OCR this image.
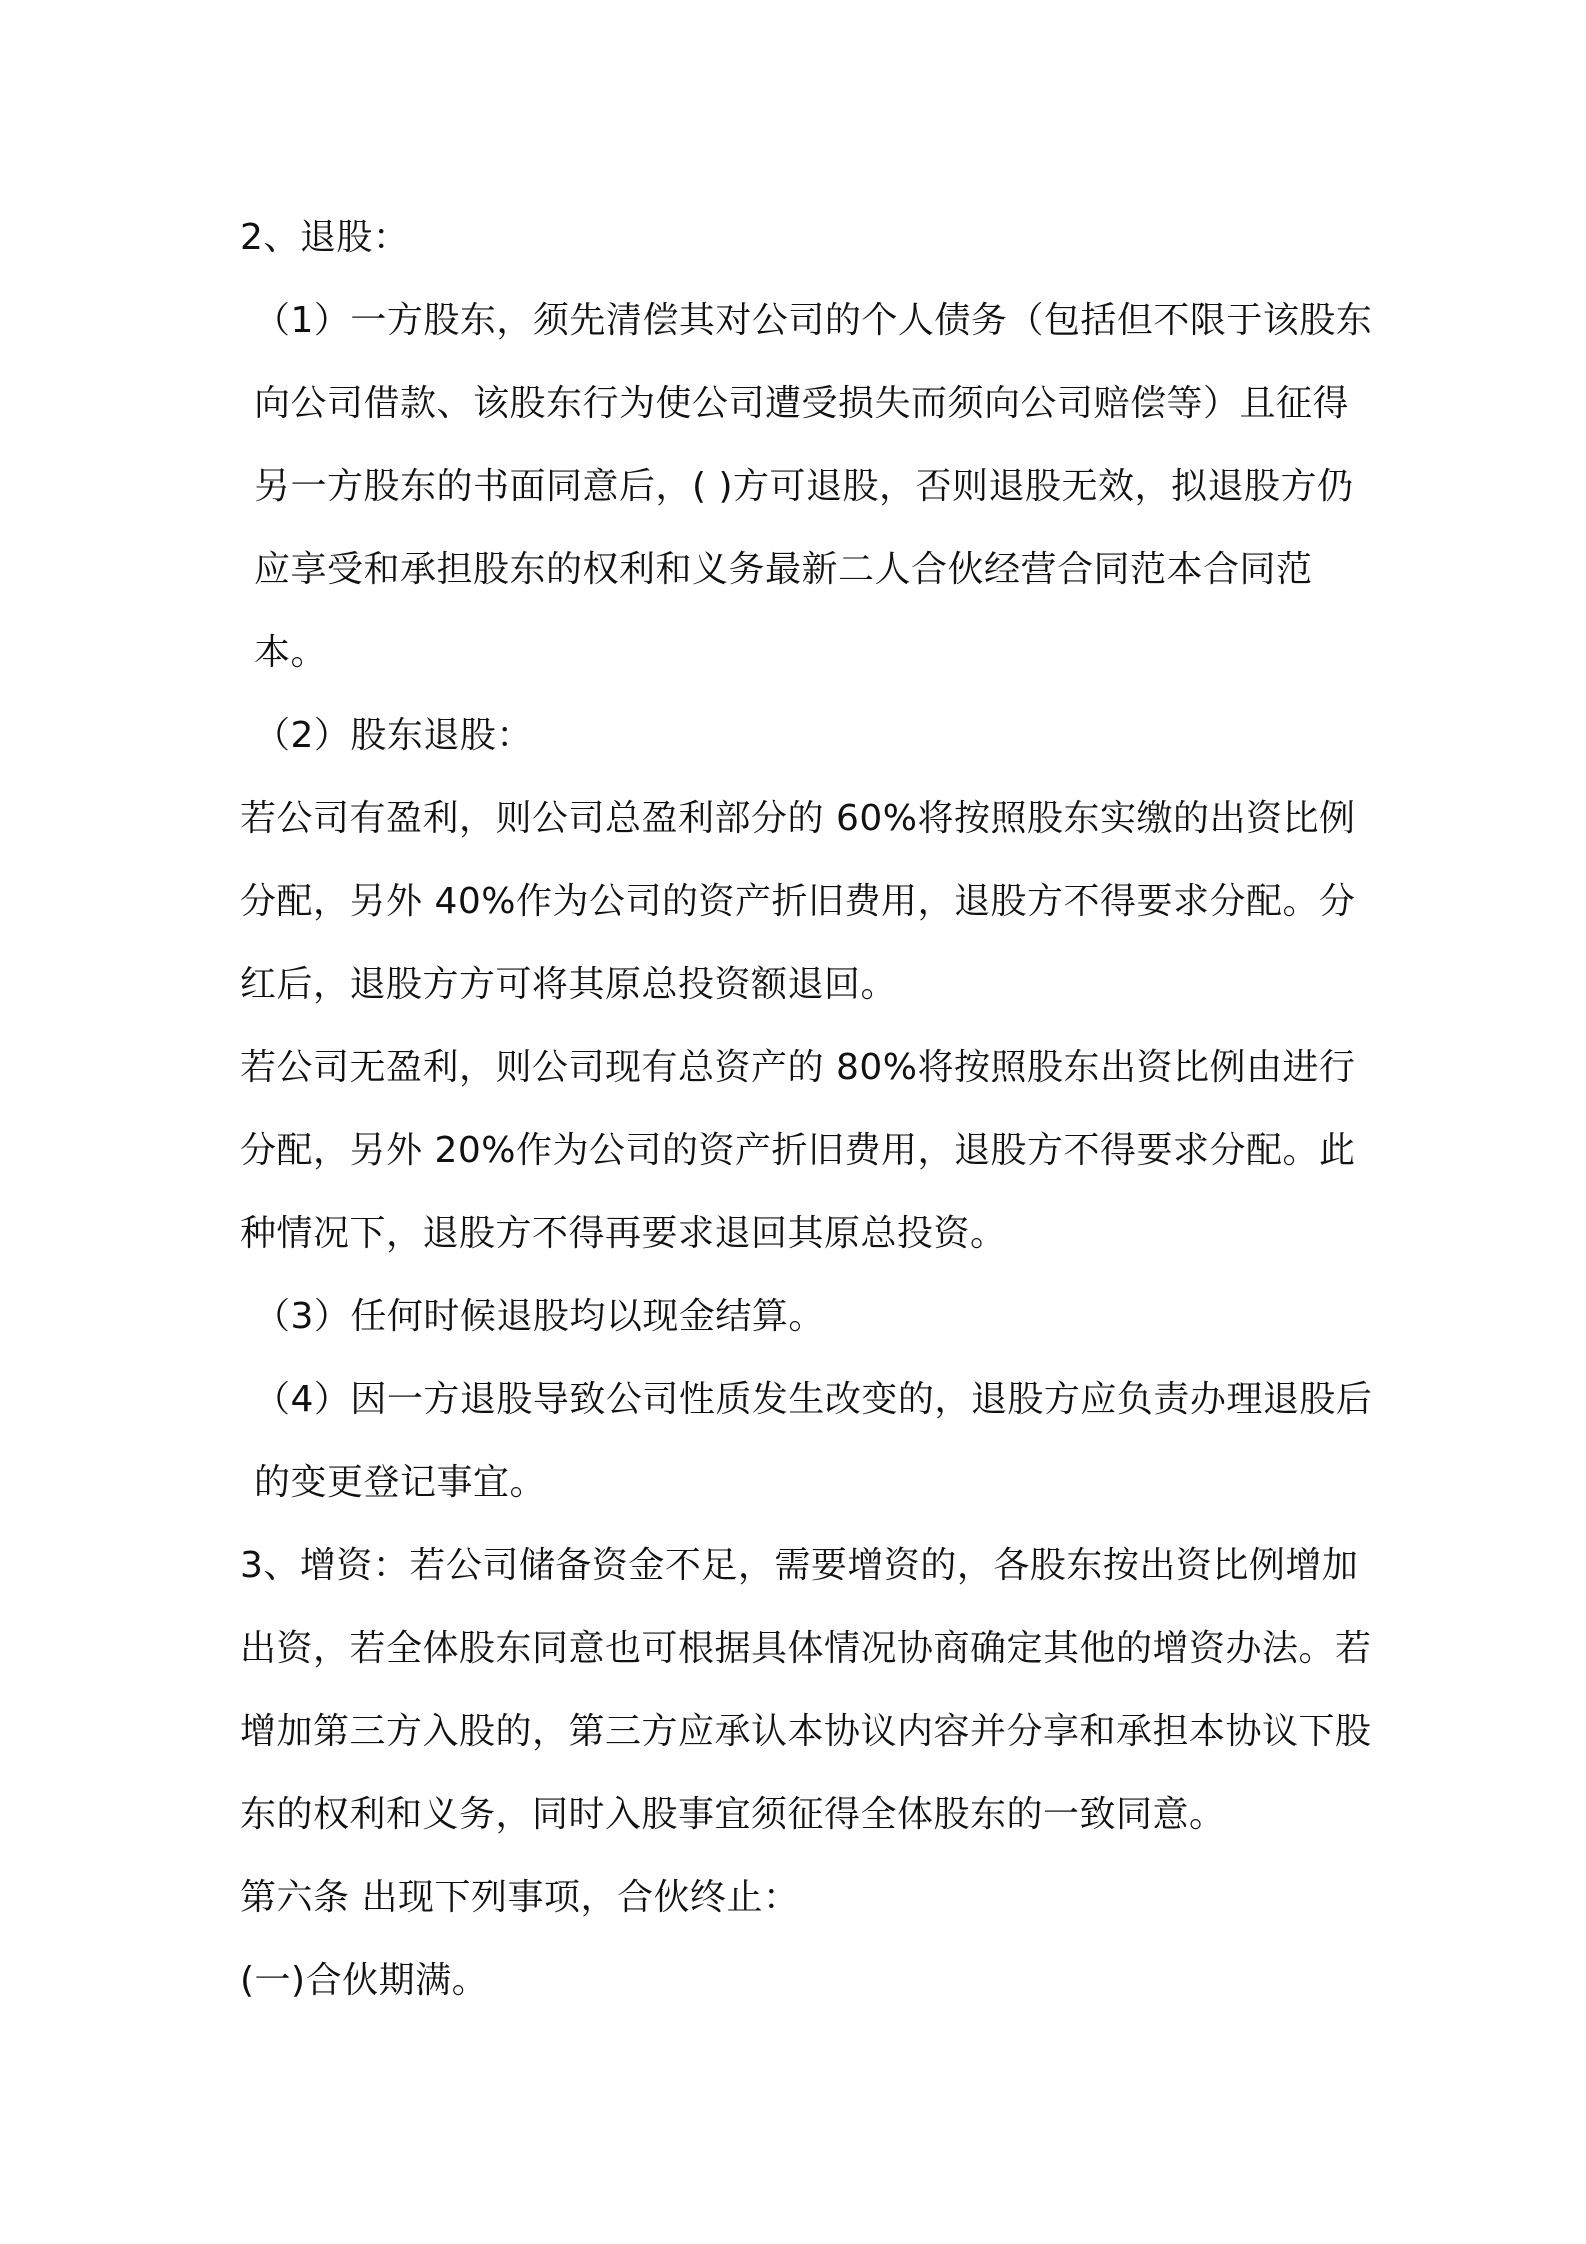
2、退股：

（1）一方股东，须先清偿其对公司的个人债务（包括但不限于该股东向公司借款、该股东行为使公司遭受损失而须向公司赔偿等）且征得另一方股东的书面同意后，( )方可退股，否则退股无效，拟退股方仍应享受和承担股东的权利和义务最新二人合伙经营合同范本合同范本。

（2）股东退股：

若公司有盈利，则公司总盈利部分的 60%将按照股东实缴的出资比例分配，另外 40%作为公司的资产折旧费用，退股方不得要求分配。分红后，退股方方可将其原总投资额退回。

若公司无盈利，则公司现有总资产的 80%将按照股东出资比例由进行分配，另外 20%作为公司的资产折旧费用，退股方不得要求分配。此种情况下，退股方不得再要求退回其原总投资。

（3）任何时候退股均以现金结算。

（4）因一方退股导致公司性质发生改变的，退股方应负责办理退股后的变更登记事宜。

3、增资：若公司储备资金不足，需要增资的，各股东按出资比例增加出资，若全体股东同意也可根据具体情况协商确定其他的增资办法。若增加第三方入股的，第三方应承认本协议内容并分享和承担本协议下股东的权利和义务，同时入股事宜须征得全体股东的一致同意。

第六条 出现下列事项，合伙终止：

(一)合伙期满。
